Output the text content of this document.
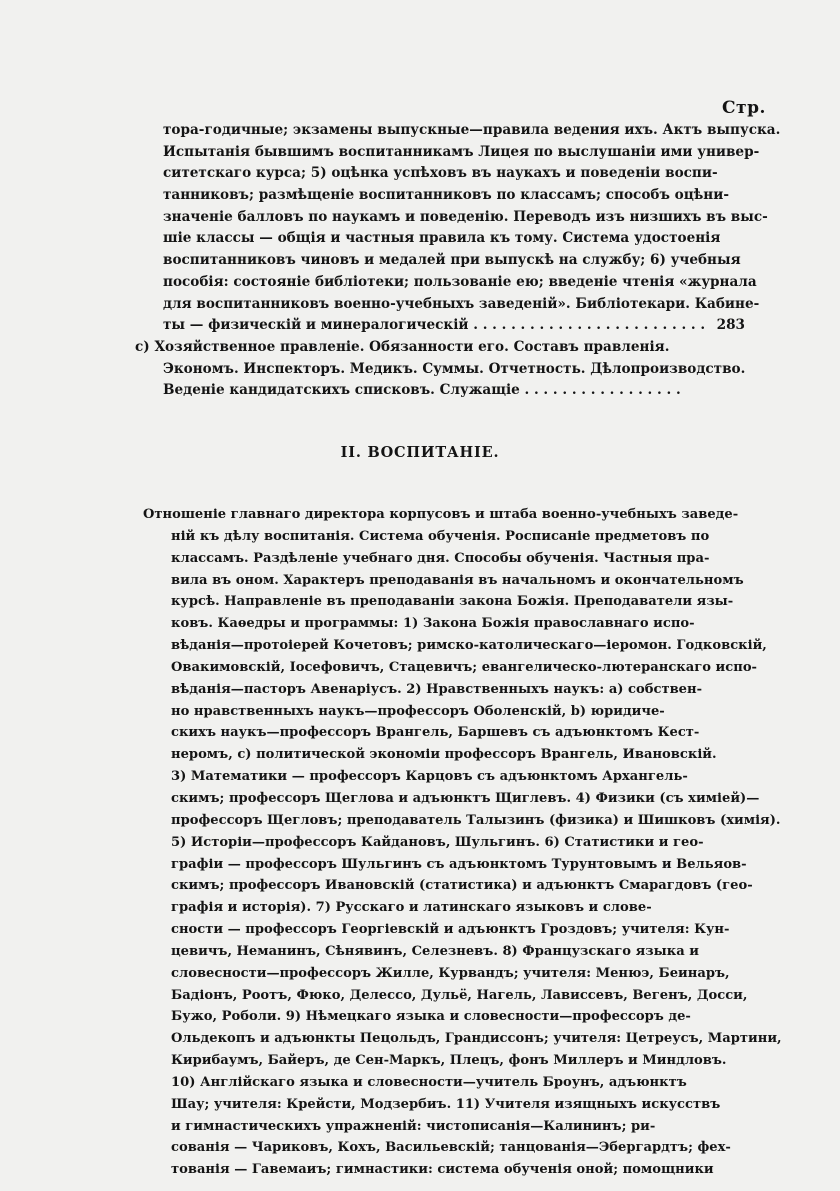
Стр.
тора-годичные; экзамены выпускные—правила ведения ихъ. Актъ выпуска.
Испытанія бывшимъ воспитанникамъ Лицея по выслушаніи ими универ-
ситетскаго курса; 5) оцѣнка успѣховъ въ наукахъ и поведеніи воспи-
танниковъ; размѣщеніе воспитанниковъ по классамъ; способъ оцѣни-
значеніе балловъ по наукамъ и поведенію. Переводъ изъ низшихъ въ выс-
шіе классы — общія и частныя правила къ тому. Система удостоенія
воспитанниковъ чиновъ и медалей при выпускѣ на службу; 6) учебныя
пособія: состояніе библіотеки; пользованіе ею; введеніе чтенія «журнала
для воспитанниковъ военно-учебныхъ заведеній». Библіотекари. Кабине-
ты — физическій и минералогическій . . . . . . . . . . . . . . . . . . . . . . . . . 283
с) Хозяйственное правленіе. Обязанности его. Составъ правленія.
Экономъ. Инспекторъ. Медикъ. Суммы. Отчетность. Дѣлопроизводство.
Веденіе кандидатскихъ списковъ. Служащіе . . . . . . . . . . . . . . . . .
II. ВОСПИТАНІЕ.
Отношеніе главнаго директора корпусовъ и штаба военно-учебныхъ заведе-
ній къ дѣлу воспитанія. Система обученія. Росписаніе предметовъ по
классамъ. Раздѣленіе учебнаго дня. Способы обученія. Частныя пра-
вила въ оном. Характеръ преподаванія въ начальномъ и окончательномъ
курсѣ. Направленіе въ преподаваніи закона Божія. Преподаватели язы-
ковъ. Каѳедры и программы: 1) Закона Божія православнаго испо-
вѣданія—протоіерей Кочетовъ; римско-католическаго—іеромон. Годковскій,
Овакимовскій, Іосефовичъ, Стацевичъ; евангелическо-лютеранскаго испо-
вѣданія—пасторъ Авенаріусъ. 2) Нравственныхъ наукъ: а) собствен-
но нравственныхъ наукъ—профессоръ Оболенскій, b) юридиче-
скихъ наукъ—профессоръ Врангель, Баршевъ съ адъюнктомъ Кест-
неромъ, с) политической экономіи профессоръ Врангель, Ивановскій.
3) Математики — профессоръ Карцовъ съ адъюнктомъ Архангель-
скимъ; профессоръ Щеглова и адъюнктъ Щиглевъ. 4) Физики (съ химіей)—
профессоръ Щегловъ; преподаватель Талызинъ (физика) и Шишковъ (химія).
5) Исторіи—профессоръ Кайдановъ, Шульгинъ. 6) Статистики и гео-
графіи — профессоръ Шульгинъ съ адъюнктомъ Турунтовымъ и Вельяов-
скимъ; профессоръ Ивановскій (статистика) и адъюнктъ Смарагдовъ (гео-
графія и исторія). 7) Русскаго и латинскаго языковъ и слове-
сности — профессоръ Георгіевскій и адъюнктъ Гроздовъ; учителя: Кун-
цевичъ, Неманинъ, Сѣнявинъ, Селезневъ. 8) Французскаго языка и
словесности—профессоръ Жилле, Курвандъ; учителя: Менюэ, Беинаръ,
Бадіонъ, Роотъ, Фюко, Делессо, Дульё, Нагель, Лависсевъ, Вегенъ, Досси,
Бужо, Роболи. 9) Нѣмецкаго языка и словесности—профессоръ де-
Ольдекопъ и адъюнкты Пецольдъ, Грандиссонъ; учителя: Цетреусъ, Мартини,
Кирибаумъ, Байеръ, де Сен-Маркъ, Плецъ, фонъ Миллеръ и Миндловъ.
10) Англійскаго языка и словесности—учитель Броунъ, адъюнктъ
Шау; учителя: Крейсти, Модзербиъ. 11) Учителя изящныхъ искусствъ
и гимнастическихъ упражненій: чистописанія—Калининъ; ри-
сованія — Чариковъ, Кохъ, Васильевскій; танцованія—Эбергардтъ; фех-
тованія — Гавемаиъ; гимнастики: система обученія оной; помощники
